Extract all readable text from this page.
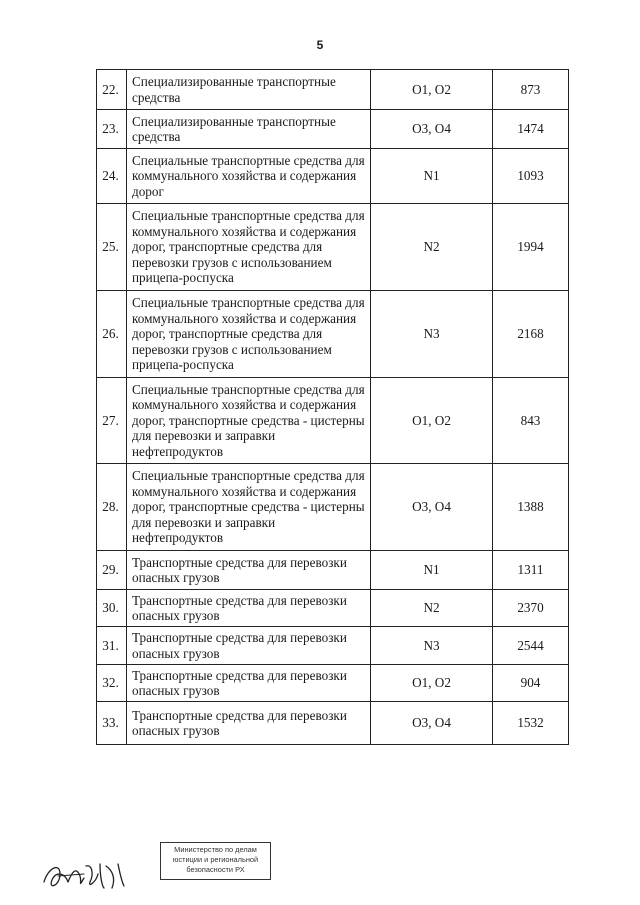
5
22.	Специализированные транспортные средства	O1, O2	873
23.	Специализированные транспортные средства	O3, O4	1474
24.	Специальные транспортные средства для коммунального хозяйства и содержания дорог	N1	1093
25.	Специальные транспортные средства для коммунального хозяйства и содержания дорог, транспортные средства для перевозки грузов с использованием прицепа-роспуска	N2	1994
26.	Специальные транспортные средства для коммунального хозяйства и содержания дорог, транспортные средства для перевозки грузов с использованием прицепа-роспуска	N3	2168
27.	Специальные транспортные средства для коммунального хозяйства и содержания дорог, транспортные средства - цистерны для перевозки и заправки нефтепродуктов	O1, O2	843
28.	Специальные транспортные средства для коммунального хозяйства и содержания дорог, транспортные средства - цистерны для перевозки и заправки нефтепродуктов	O3, O4	1388
29.	Транспортные средства для перевозки опасных грузов	N1	1311
30.	Транспортные средства для перевозки опасных грузов	N2	2370
31.	Транспортные средства для перевозки опасных грузов	N3	2544
32.	Транспортные средства для перевозки опасных грузов	O1, O2	904
33.	Транспортные средства для перевозки опасных грузов	O3, O4	1532
Министерство по делам
юстиции и региональной
безопасности РХ
